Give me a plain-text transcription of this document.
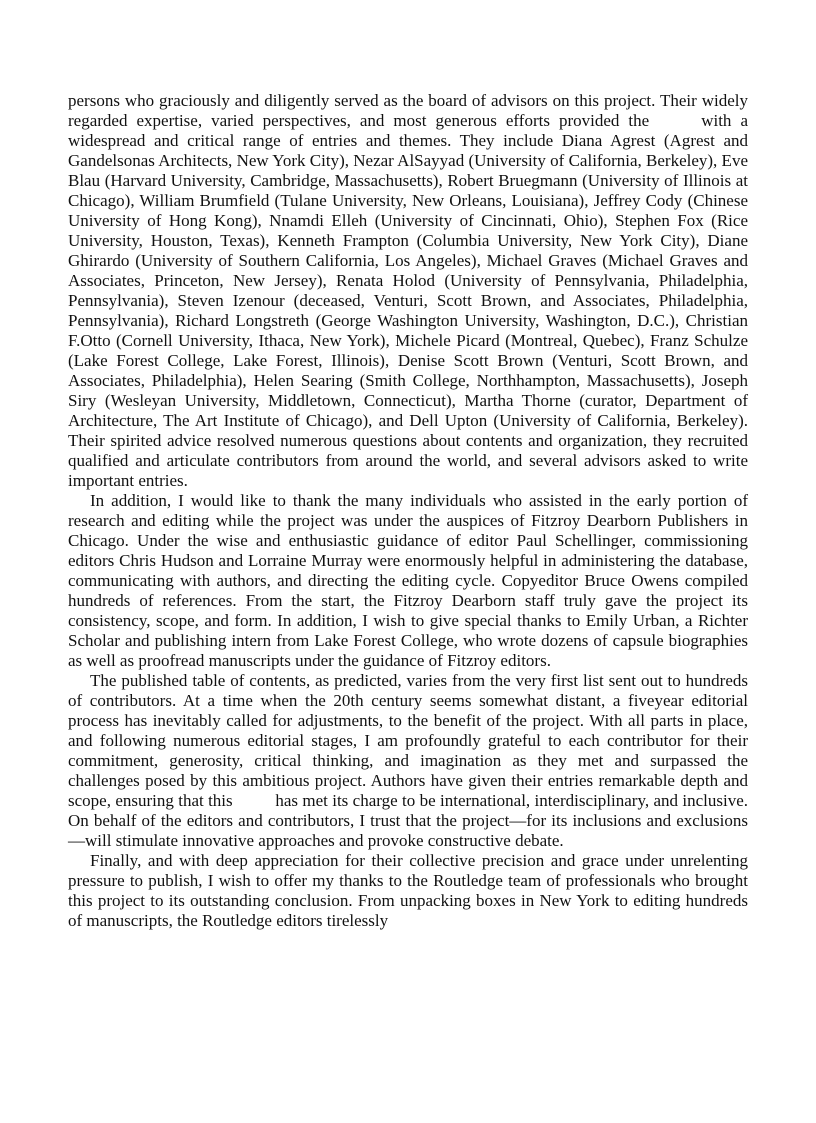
persons who graciously and diligently served as the board of advisors on this project. Their widely regarded expertise, varied perspectives, and most generous efforts provided the    with a widespread and critical range of entries and themes. They include Diana Agrest (Agrest and Gandelsonas Architects, New York City), Nezar AlSayyad (University of California, Berkeley), Eve Blau (Harvard University, Cambridge, Massachusetts), Robert Bruegmann (University of Illinois at Chicago), William Brumfield (Tulane University, New Orleans, Louisiana), Jeffrey Cody (Chinese University of Hong Kong), Nnamdi Elleh (University of Cincinnati, Ohio), Stephen Fox (Rice University, Houston, Texas), Kenneth Frampton (Columbia University, New York City), Diane Ghirardo (University of Southern California, Los Angeles), Michael Graves (Michael Graves and Associates, Princeton, New Jersey), Renata Holod (University of Pennsylvania, Philadelphia, Pennsylvania), Steven Izenour (deceased, Venturi, Scott Brown, and Associates, Philadelphia, Pennsylvania), Richard Longstreth (George Washington University, Washington, D.C.), Christian F.Otto (Cornell University, Ithaca, New York), Michele Picard (Montreal, Quebec), Franz Schulze (Lake Forest College, Lake Forest, Illinois), Denise Scott Brown (Venturi, Scott Brown, and Associates, Philadelphia), Helen Searing (Smith College, Northhampton, Massachusetts), Joseph Siry (Wesleyan University, Middletown, Connecticut), Martha Thorne (curator, Department of Architecture, The Art Institute of Chicago), and Dell Upton (University of California, Berkeley). Their spirited advice resolved numerous questions about contents and organization, they recruited qualified and articulate contributors from around the world, and several advisors asked to write important entries.

In addition, I would like to thank the many individuals who assisted in the early portion of research and editing while the project was under the auspices of Fitzroy Dearborn Publishers in Chicago. Under the wise and enthusiastic guidance of editor Paul Schellinger, commissioning editors Chris Hudson and Lorraine Murray were enormously helpful in administering the database, communicating with authors, and directing the editing cycle. Copyeditor Bruce Owens compiled hundreds of references. From the start, the Fitzroy Dearborn staff truly gave the project its consistency, scope, and form. In addition, I wish to give special thanks to Emily Urban, a Richter Scholar and publishing intern from Lake Forest College, who wrote dozens of capsule biographies as well as proofread manuscripts under the guidance of Fitzroy editors.

The published table of contents, as predicted, varies from the very first list sent out to hundreds of contributors. At a time when the 20th century seems somewhat distant, a fiveyear editorial process has inevitably called for adjustments, to the benefit of the project. With all parts in place, and following numerous editorial stages, I am profoundly grateful to each contributor for their commitment, generosity, critical thinking, and imagination as they met and surpassed the challenges posed by this ambitious project. Authors have given their entries remarkable depth and scope, ensuring that this    has met its charge to be international, interdisciplinary, and inclusive. On behalf of the editors and contributors, I trust that the project—for its inclusions and exclusions—will stimulate innovative approaches and provoke constructive debate.

Finally, and with deep appreciation for their collective precision and grace under unrelenting pressure to publish, I wish to offer my thanks to the Routledge team of professionals who brought this project to its outstanding conclusion. From unpacking boxes in New York to editing hundreds of manuscripts, the Routledge editors tirelessly
